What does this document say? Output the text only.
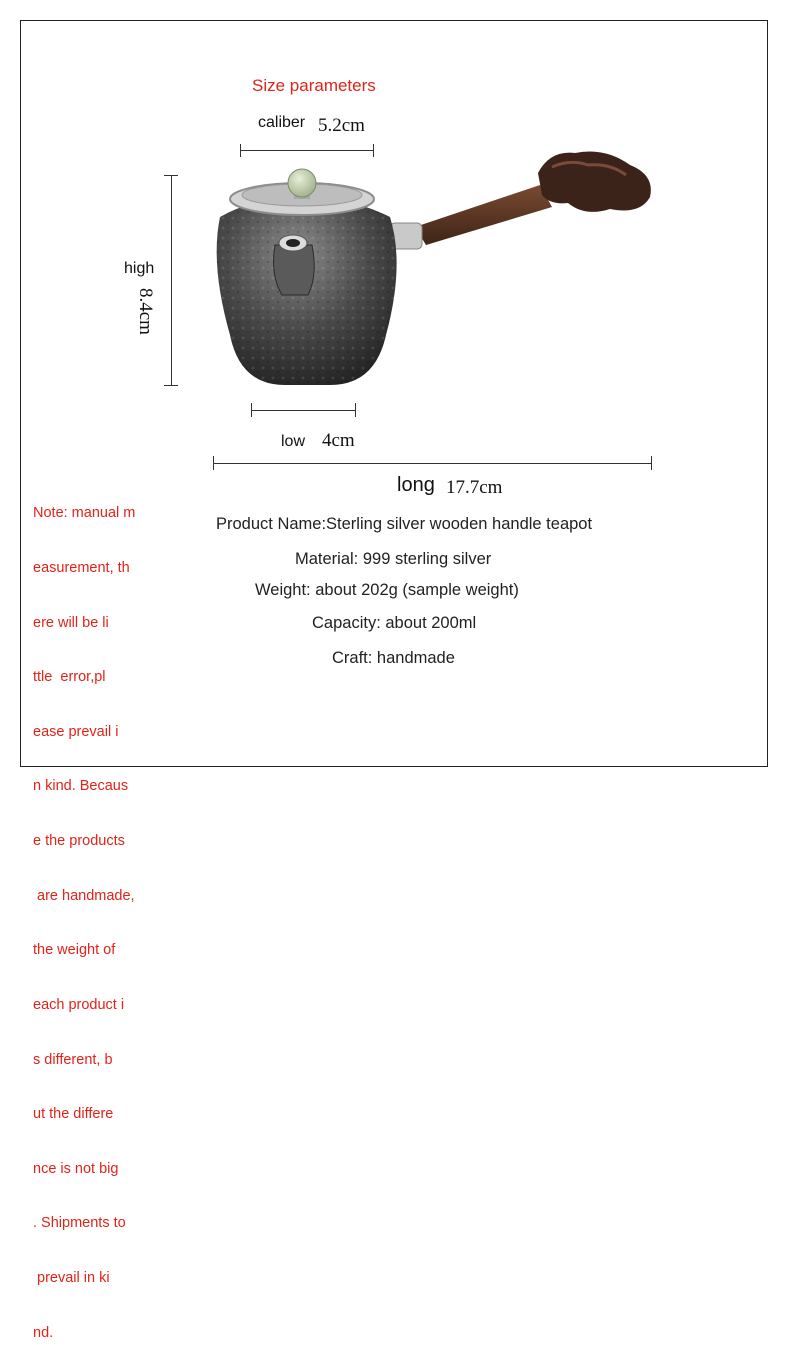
Size parameters
caliber 5.2cm
high
8.4cm
low 4cm
long 17.7cm

Note: manual m

easurement, th

ere will be li

ttle  error,pl

ease prevail i

n kind. Becaus

e the products

are handmade,

the weight of

each product i

s different, b

ut the differe

nce is not big

. Shipments to

prevail in ki

nd.

Product Name:Sterling silver wooden handle teapot
Material: 999 sterling silver
Weight: about 202g (sample weight)
Capacity: about 200ml
Craft: handmade
